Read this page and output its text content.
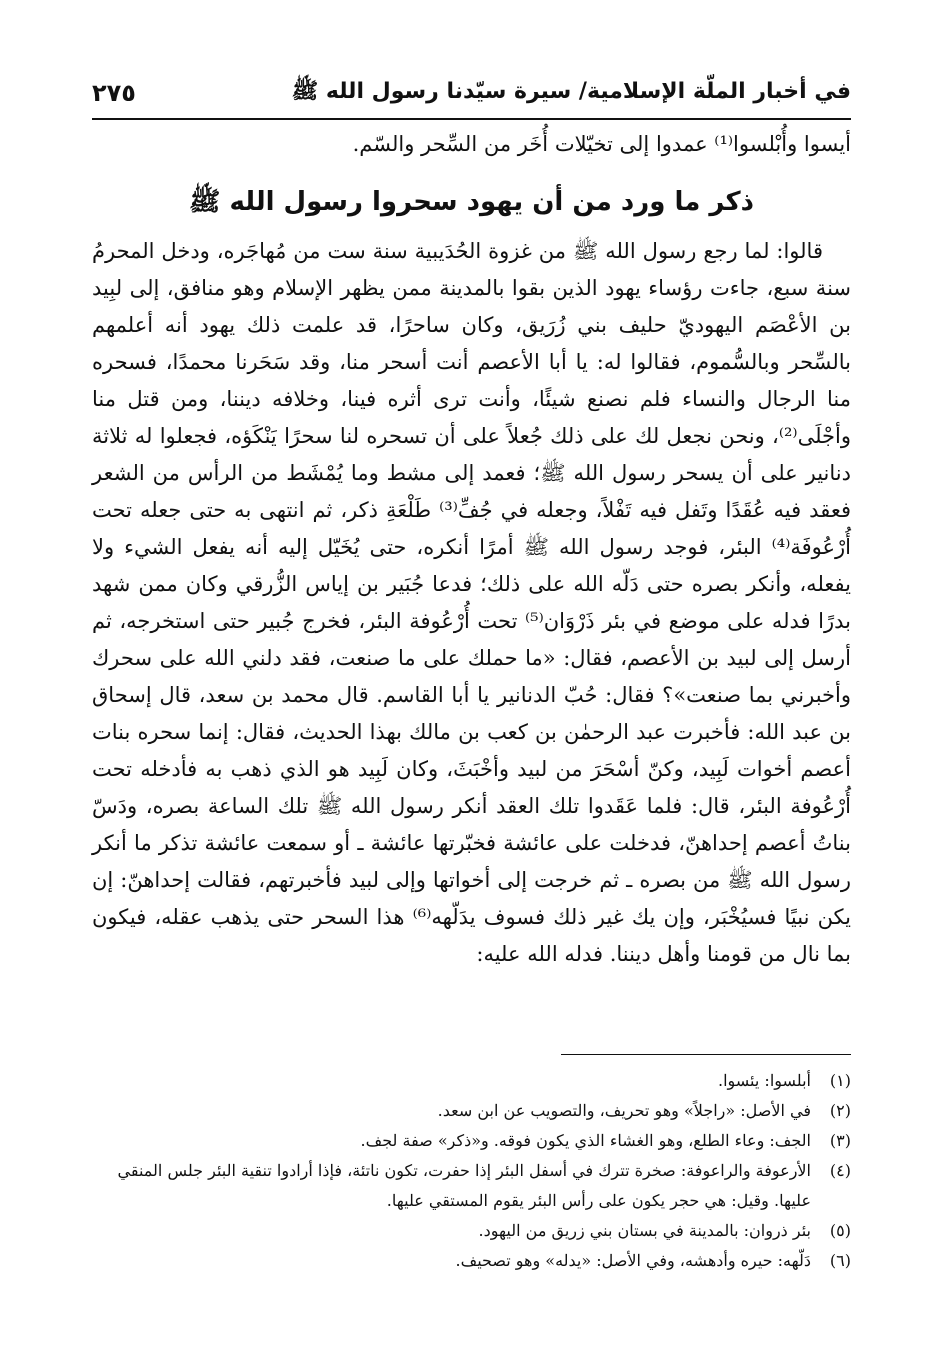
في أخبار الملّة الإسلامية/ سيرة سيّدنا رسول الله ﷺ
٢٧٥

أيسوا وأُبْلسوا⁽¹⁾ عمدوا إلى تخيّلات أُخَر من السِّحر والسّم.

ذكر ما ورد من أن يهود سحروا رسول الله ﷺ

قالوا: لما رجع رسول الله ﷺ من غزوة الحُدَيبية سنة ست من مُهاجَره، ودخل المحرمُ سنة سبع، جاءت رؤساء يهود الذين بقوا بالمدينة ممن يظهر الإسلام وهو منافق، إلى لبِيد بن الأعْصَم اليهوديّ حليف بني زُرَيق، وكان ساحرًا، قد علمت ذلك يهود أنه أعلمهم بالسِّحر وبالسُّموم، فقالوا له: يا أبا الأعصم أنت أسحر منا، وقد سَحَرنا محمدًا، فسحره منا الرجال والنساء فلم نصنع شيئًا، وأنت ترى أثره فينا، وخلافه ديننا، ومن قتل منا وأجْلَى⁽²⁾، ونحن نجعل لك على ذلك جُعلاً على أن تسحره لنا سحرًا يَنْكَؤه، فجعلوا له ثلاثة دنانير على أن يسحر رسول الله ﷺ؛ فعمد إلى مشط وما يُمْشَط من الرأس من الشعر فعقد فيه عُقَدًا وتَفل فيه تَفْلاً، وجعله في جُفِّ⁽³⁾ طَلْعَةِ ذكر، ثم انتهى به حتى جعله تحت أُرْعُوفَة⁽⁴⁾ البئر، فوجد رسول الله ﷺ أمرًا أنكره، حتى يُخَيّل إليه أنه يفعل الشيء ولا يفعله، وأنكر بصره حتى دَلّه الله على ذلك؛ فدعا جُبَير بن إياس الزُّرقي وكان ممن شهد بدرًا فدله على موضع في بئر ذَرْوَان⁽⁵⁾ تحت أُرْعُوفة البئر، فخرج جُبير حتى استخرجه، ثم أرسل إلى لبيد بن الأعصم، فقال: «ما حملك على ما صنعت، فقد دلني الله على سحرك وأخبرني بما صنعت»؟ فقال: حُبّ الدنانير يا أبا القاسم. قال محمد بن سعد، قال إسحاق بن عبد الله: فأخبرت عبد الرحمٰن بن كعب بن مالك بهذا الحديث، فقال: إنما سحره بنات أعصم أخوات لَبِيد، وكنّ أسْحَرَ من لبيد وأخْبَثَ، وكان لَبِيد هو الذي ذهب به فأدخله تحت أُرْعُوفة البئر، قال: فلما عَقَدوا تلك العقد أنكر رسول الله ﷺ تلك الساعة بصره، ودَسّ بناتُ أعصم إحداهنّ، فدخلت على عائشة فخبّرتها عائشة ـ أو سمعت عائشة تذكر ما أنكر رسول الله ﷺ من بصره ـ ثم خرجت إلى أخواتها وإلى لبيد فأخبرتهم، فقالت إحداهنّ: إن يكن نبيًا فسيُخْبَر، وإن يك غير ذلك فسوف يدَلّهه⁽⁶⁾ هذا السحر حتى يذهب عقله، فيكون بما نال من قومنا وأهل ديننا. فدله الله عليه:

(١)
أبلسوا: يئسوا.
(٢)
في الأصل: «راجلاً» وهو تحريف، والتصويب عن ابن سعد.
(٣)
الجف: وعاء الطلع، وهو الغشاء الذي يكون فوقه. و«ذكر» صفة لجف.
(٤)
الأرعوفة والراعوفة: صخرة تترك في أسفل البئر إذا حفرت، تكون ناتئة، فإذا أرادوا تنقية البئر جلس المنقي عليها. وقيل: هي حجر يكون على رأس البئر يقوم المستقي عليها.
(٥)
بئر ذروان: بالمدينة في بستان بني زريق من اليهود.
(٦)
دَلّهه: حيره وأدهشه، وفي الأصل: «يدله» وهو تصحيف.
